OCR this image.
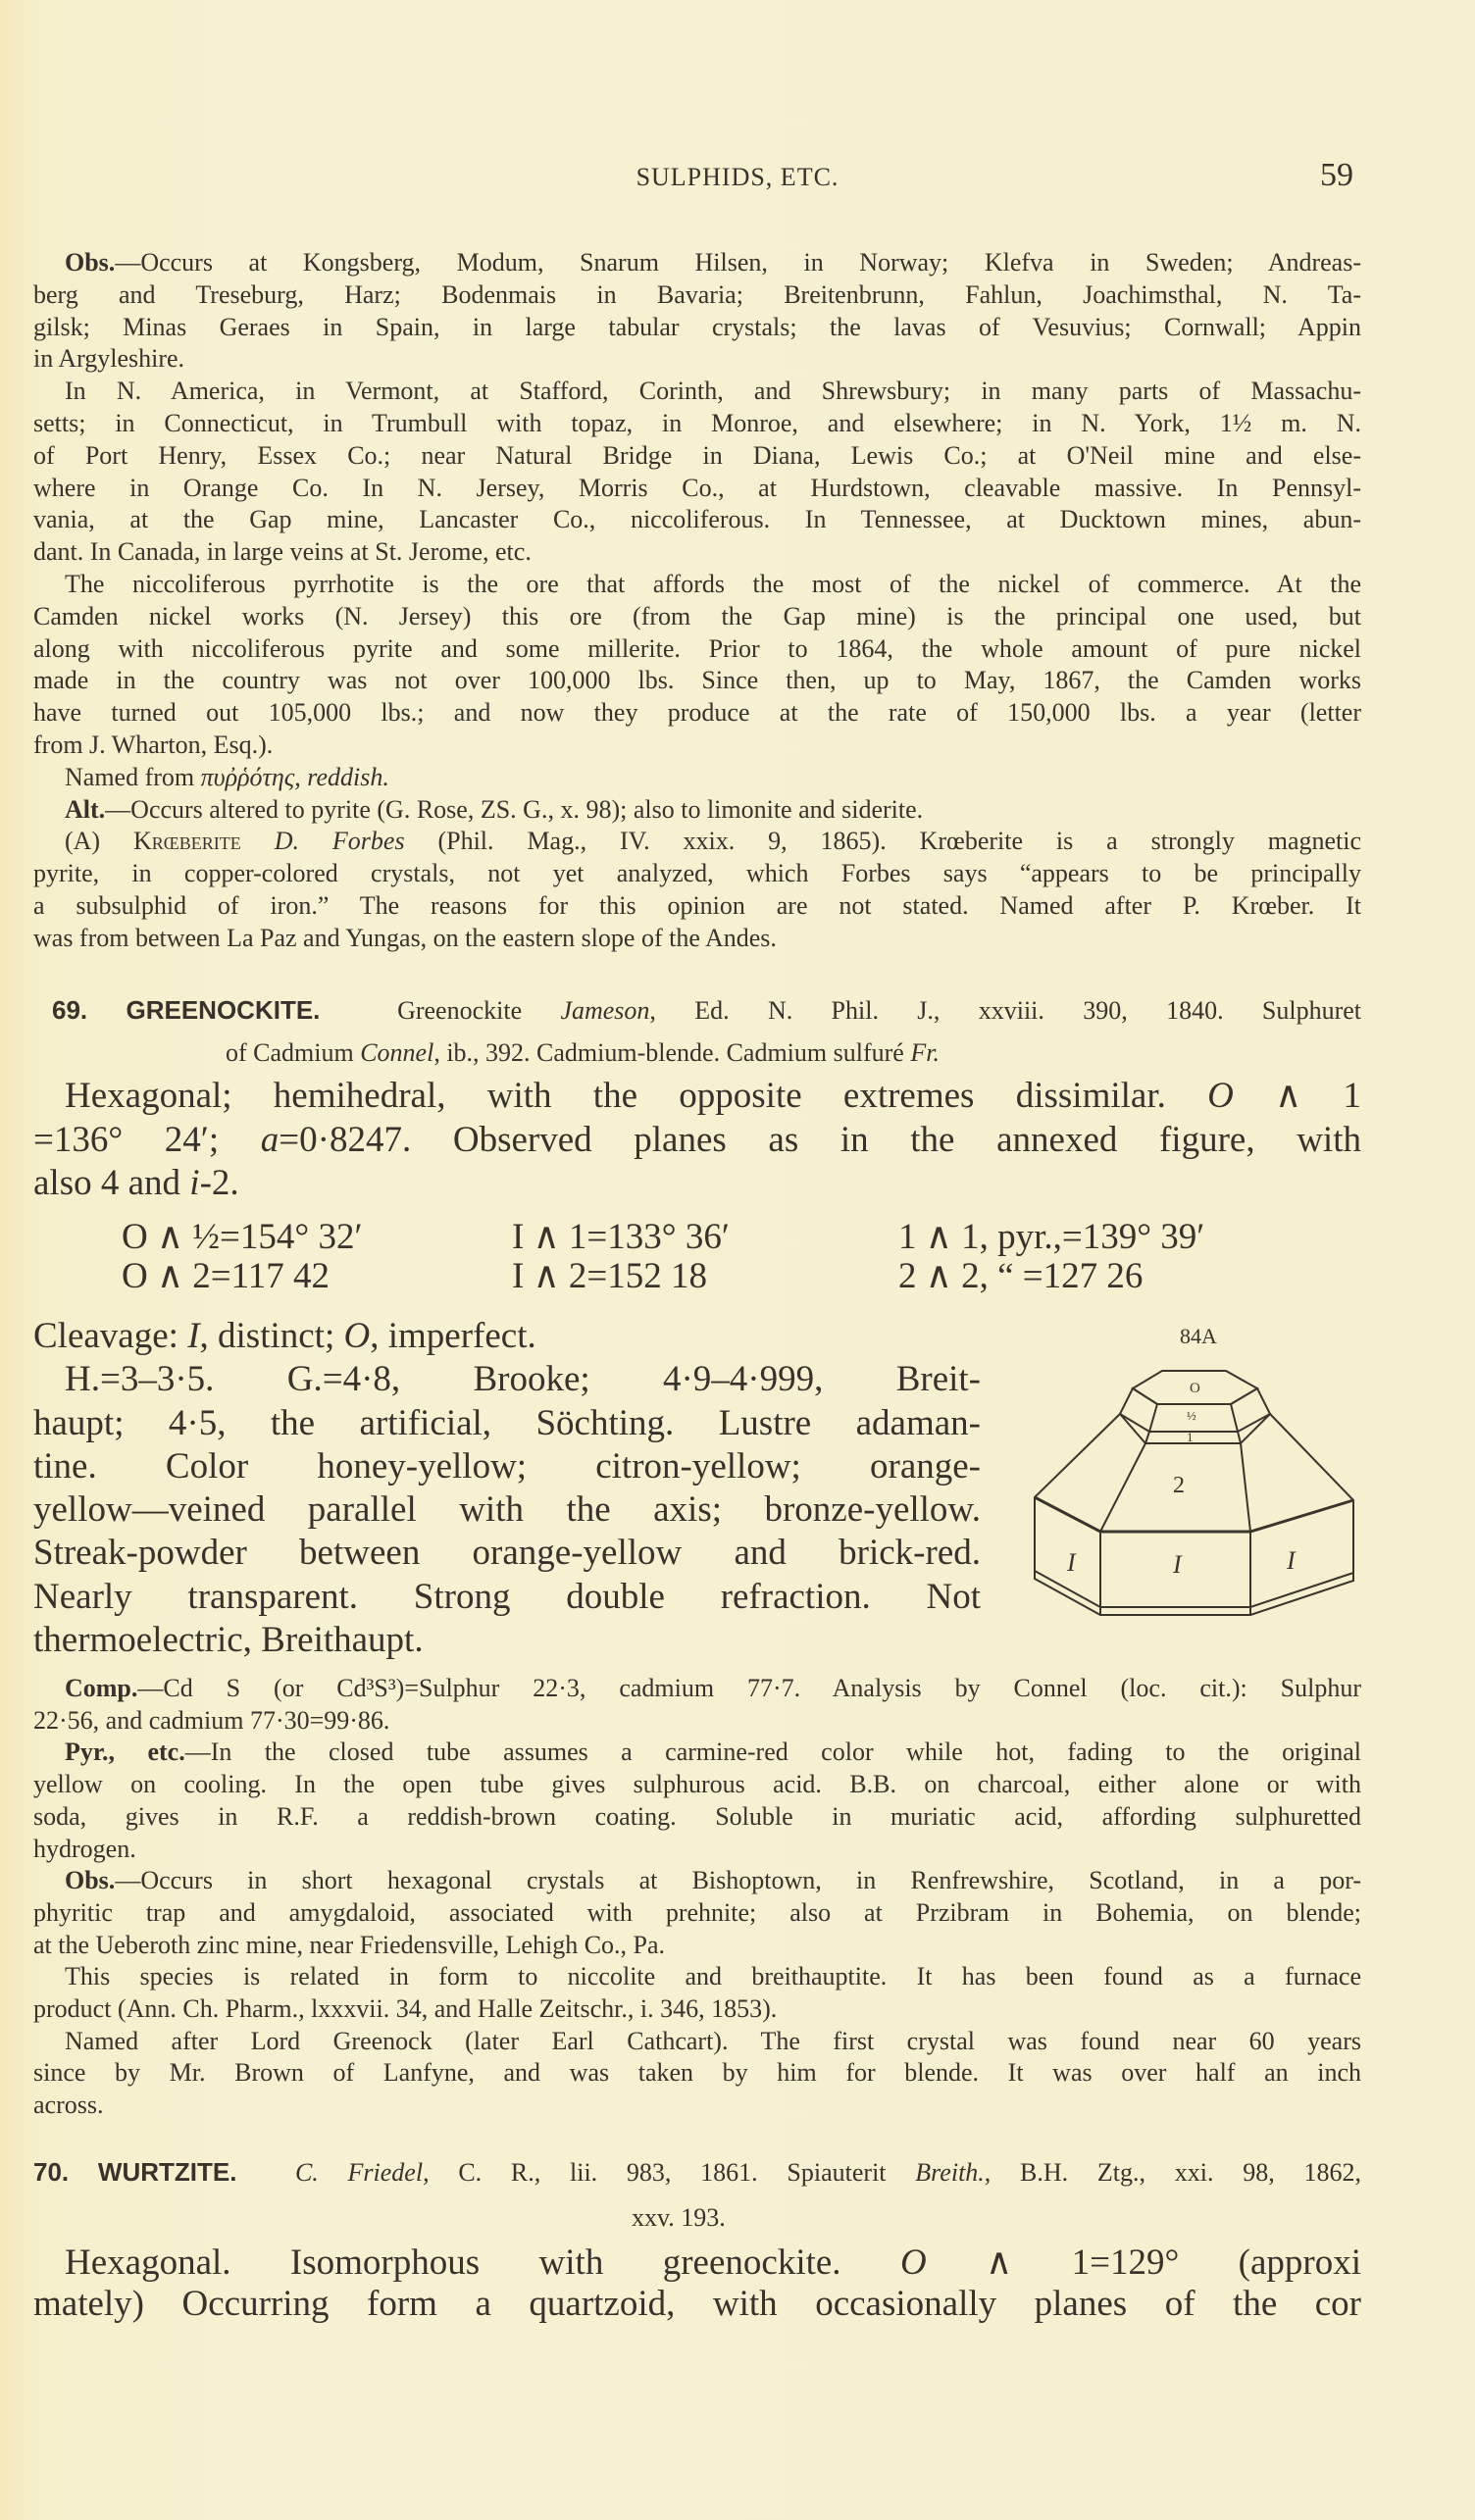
SULPHIDS, ETC.	59
Obs.—Occurs at Kongsberg, Modum, Snarum Hilsen, in Norway; Klefva in Sweden; Andreas-
berg and Treseburg, Harz; Bodenmais in Bavaria; Breitenbrunn, Fahlun, Joachimsthal, N. Ta-
gilsk; Minas Geraes in Spain, in large tabular crystals; the lavas of Vesuvius; Cornwall; Appin
in Argyleshire.
In N. America, in Vermont, at Stafford, Corinth, and Shrewsbury; in many parts of Massachu-
setts; in Connecticut, in Trumbull with topaz, in Monroe, and elsewhere; in N. York, 1½ m. N.
of Port Henry, Essex Co.; near Natural Bridge in Diana, Lewis Co.; at O'Neil mine and else-
where in Orange Co. In N. Jersey, Morris Co., at Hurdstown, cleavable massive. In Pennsyl-
vania, at the Gap mine, Lancaster Co., niccoliferous. In Tennessee, at Ducktown mines, abun-
dant. In Canada, in large veins at St. Jerome, etc.
The niccoliferous pyrrhotite is the ore that affords the most of the nickel of commerce. At the
Camden nickel works (N. Jersey) this ore (from the Gap mine) is the principal one used, but
along with niccoliferous pyrite and some millerite. Prior to 1864, the whole amount of pure nickel
made in the country was not over 100,000 lbs. Since then, up to May, 1867, the Camden works
have turned out 105,000 lbs.; and now they produce at the rate of 150,000 lbs. a year (letter
from J. Wharton, Esq.).
Named from πυῤῥότης, reddish.
Alt.—Occurs altered to pyrite (G. Rose, ZS. G., x. 98); also to limonite and siderite.
(A) Krœberite D. Forbes (Phil. Mag., IV. xxix. 9, 1865). Krœberite is a strongly magnetic
pyrite, in copper-colored crystals, not yet analyzed, which Forbes says “appears to be principally
a subsulphid of iron.” The reasons for this opinion are not stated. Named after P. Krœber. It
was from between La Paz and Yungas, on the eastern slope of the Andes.
69. GREENOCKITE.	Greenockite Jameson, Ed. N. Phil. J., xxviii. 390, 1840. Sulphuret
of Cadmium Connel, ib., 392. Cadmium-blende. Cadmium sulfuré Fr.
Hexagonal; hemihedral, with the opposite extremes dissimilar. O ∧ 1
=136° 24′; a=0·8247. Observed planes as in the annexed figure, with
also 4 and i-2.
O ∧ ½=154° 32′	I ∧ 1=133° 36′	1 ∧ 1, pyr.,=139° 39′
O ∧ 2=117 42	I ∧ 2=152 18	2 ∧ 2, “ =127 26
Cleavage: I, distinct; O, imperfect.
H.=3–3·5. G.=4·8, Brooke; 4·9–4·999, Breit-
haupt; 4·5, the artificial, Söchting. Lustre adaman-
tine. Color honey-yellow; citron-yellow; orange-
yellow—veined parallel with the axis; bronze-yellow.
Streak-powder between orange-yellow and brick-red.
Nearly transparent. Strong double refraction. Not
thermoelectric, Breithaupt.
84A
O
½
1
2
I	I	I
Comp.—Cd S (or Cd³S³)=Sulphur 22·3, cadmium 77·7. Analysis by Connel (loc. cit.): Sulphur
22·56, and cadmium 77·30=99·86.
Pyr., etc.—In the closed tube assumes a carmine-red color while hot, fading to the original
yellow on cooling. In the open tube gives sulphurous acid. B.B. on charcoal, either alone or with
soda, gives in R.F. a reddish-brown coating. Soluble in muriatic acid, affording sulphuretted
hydrogen.
Obs.—Occurs in short hexagonal crystals at Bishoptown, in Renfrewshire, Scotland, in a por-
phyritic trap and amygdaloid, associated with prehnite; also at Przibram in Bohemia, on blende;
at the Ueberoth zinc mine, near Friedensville, Lehigh Co., Pa.
This species is related in form to niccolite and breithauptite. It has been found as a furnace
product (Ann. Ch. Pharm., lxxxvii. 34, and Halle Zeitschr., i. 346, 1853).
Named after Lord Greenock (later Earl Cathcart). The first crystal was found near 60 years
since by Mr. Brown of Lanfyne, and was taken by him for blende. It was over half an inch
across.
70. WURTZITE. C. Friedel, C. R., lii. 983, 1861. Spiauterit Breith., B.H. Ztg., xxi. 98, 1862,
xxv. 193.
Hexagonal. Isomorphous with greenockite. O ∧ 1=129° (approxi
mately) Occurring form a quartzoid, with occasionally planes of the cor
